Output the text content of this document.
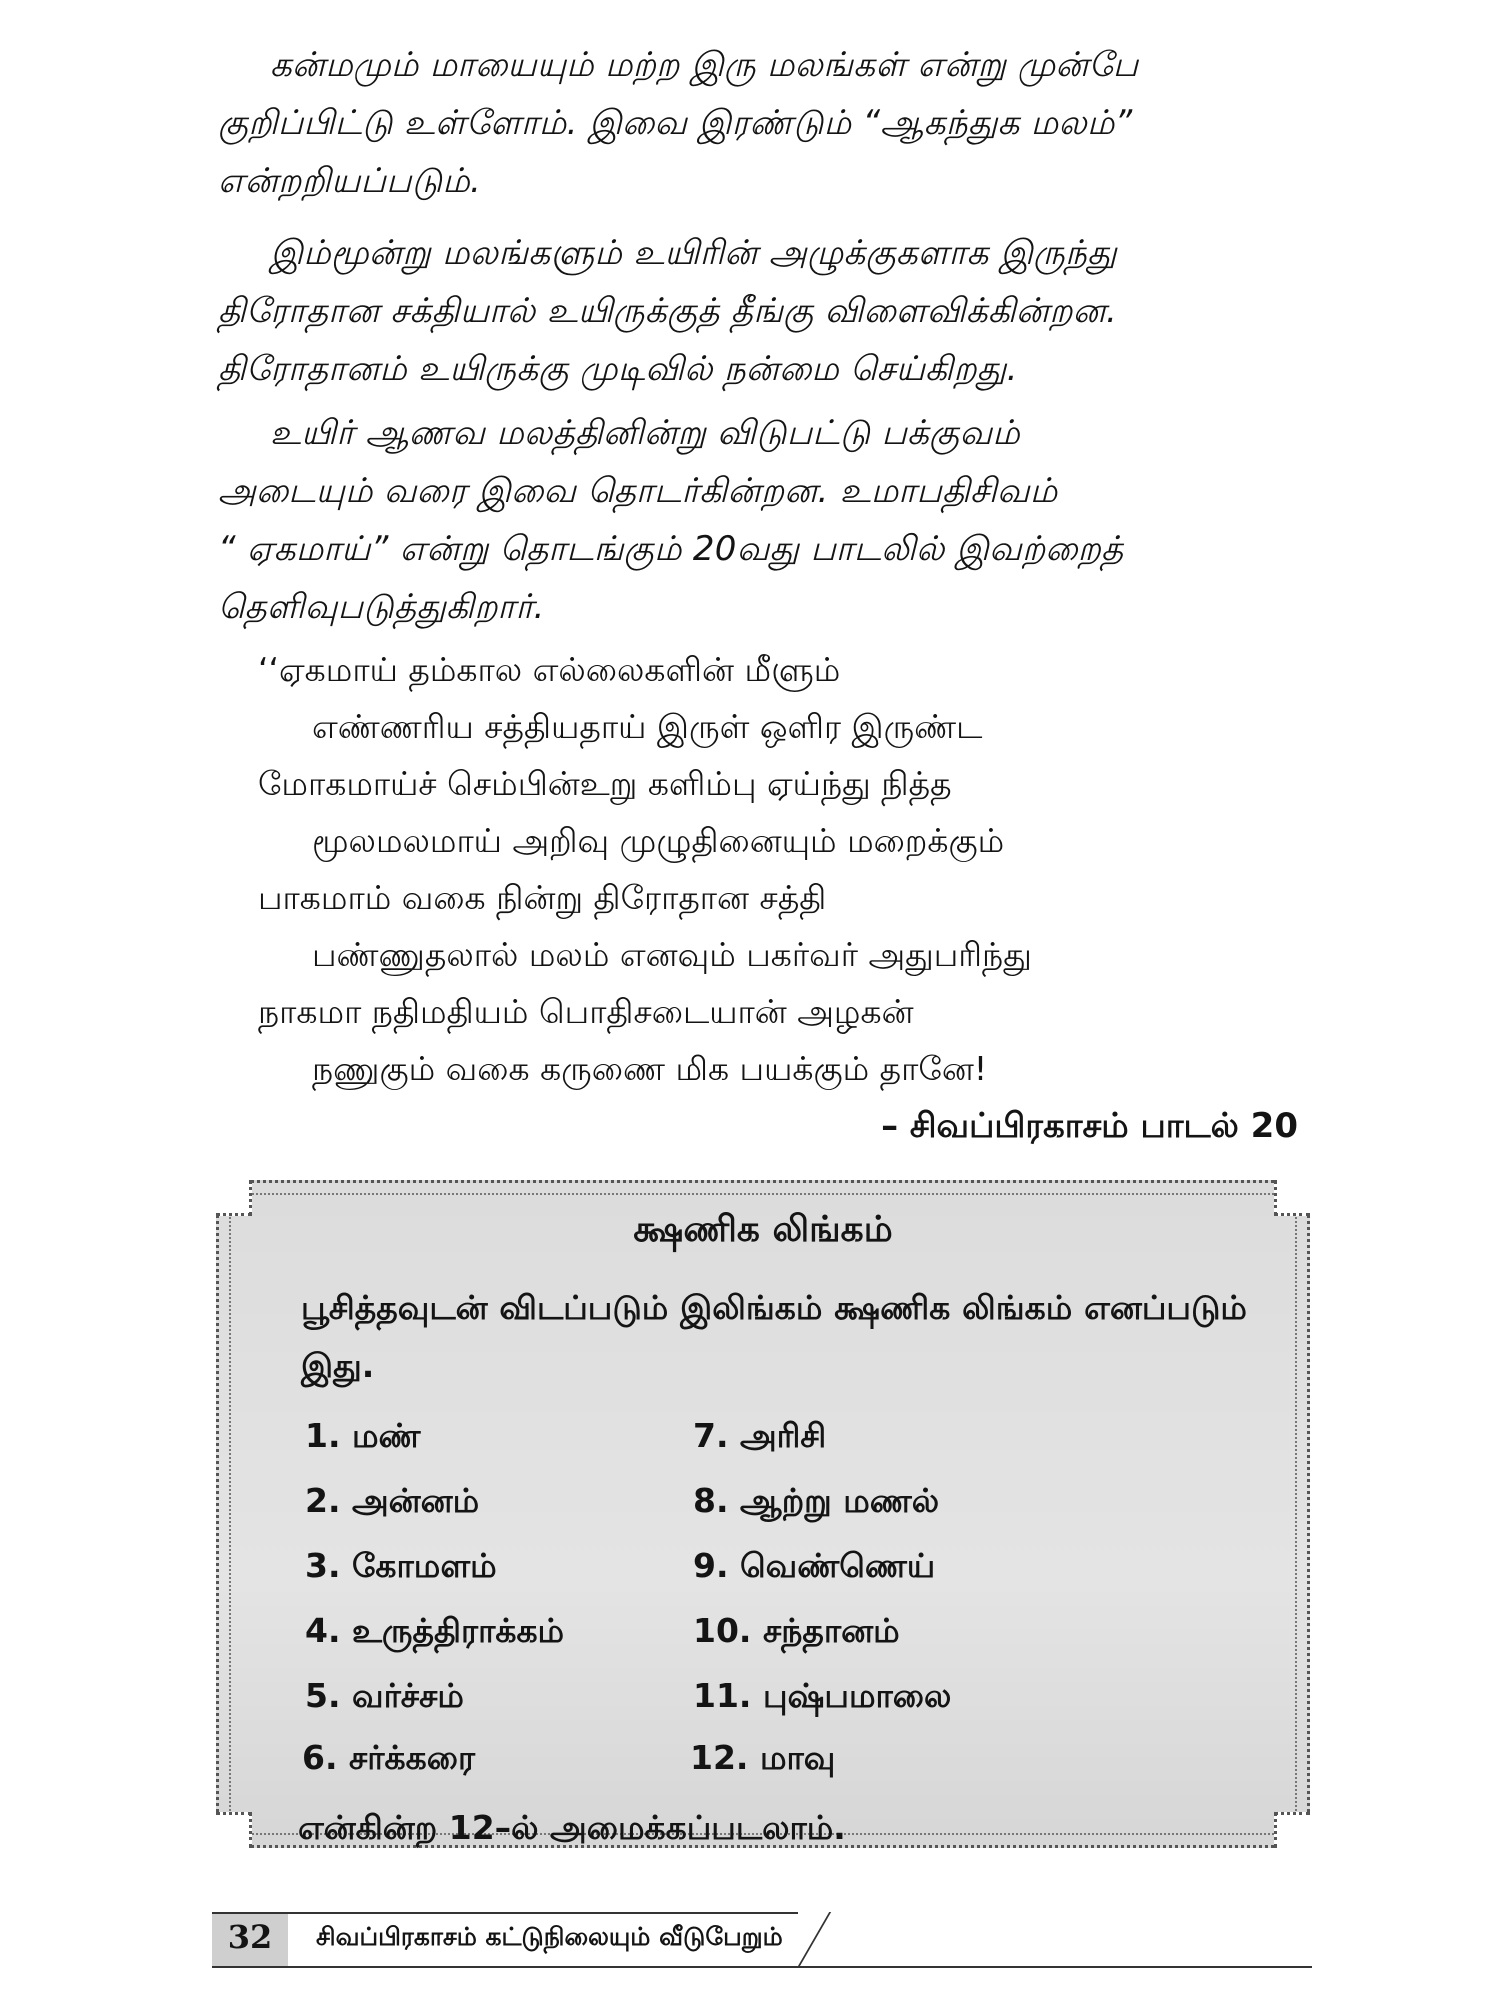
கன்மமும் மாயையும் மற்ற இரு மலங்கள் என்று முன்பே
குறிப்பிட்டு உள்ளோம். இவை இரண்டும் “ஆகந்துக மலம்”
என்றறியப்படும்.

இம்மூன்று மலங்களும் உயிரின் அழுக்குகளாக இருந்து
திரோதான சக்தியால் உயிருக்குத் தீங்கு விளைவிக்கின்றன.
திரோதானம் உயிருக்கு முடிவில் நன்மை செய்கிறது.

உயிர் ஆணவ மலத்தினின்று விடுபட்டு பக்குவம்
அடையும் வரை இவை தொடர்கின்றன. உமாபதிசிவம்
“ ஏகமாய்” என்று தொடங்கும் 20வது பாடலில் இவற்றைத்
தெளிவுபடுத்துகிறார்.

‘‘ஏகமாய் தம்கால எல்லைகளின் மீளும்
எண்ணரிய சத்தியதாய் இருள் ஒளிர இருண்ட
மோகமாய்ச் செம்பின்உறு களிம்பு ஏய்ந்து நித்த
மூலமலமாய் அறிவு முழுதினையும் மறைக்கும்
பாகமாம் வகை நின்று திரோதான சத்தி
பண்ணுதலால் மலம் எனவும் பகர்வர் அதுபரிந்து
நாகமா நதிமதியம் பொதிசடையான் அழகன்
நணுகும் வகை கருணை மிக பயக்கும் தானே!
– சிவப்பிரகாசம் பாடல் 20
க்ஷணிக லிங்கம்
பூசித்தவுடன் விடப்படும் இலிங்கம் க்ஷணிக லிங்கம் எனப்படும் இது.
1. மண்
2. அன்னம்
3. கோமளம்
4. உருத்திராக்கம்
5. வர்ச்சம்
7. அரிசி
8. ஆற்று மணல்
9. வெண்ணெய்
10. சந்தானம்
11. புஷ்பமாலை
6. சர்க்கரை	12. மாவு
என்கின்ற 12–ல் அமைக்கப்படலாம்.
32	சிவப்பிரகாசம் கட்டுநிலையும் வீடுபேறும்
